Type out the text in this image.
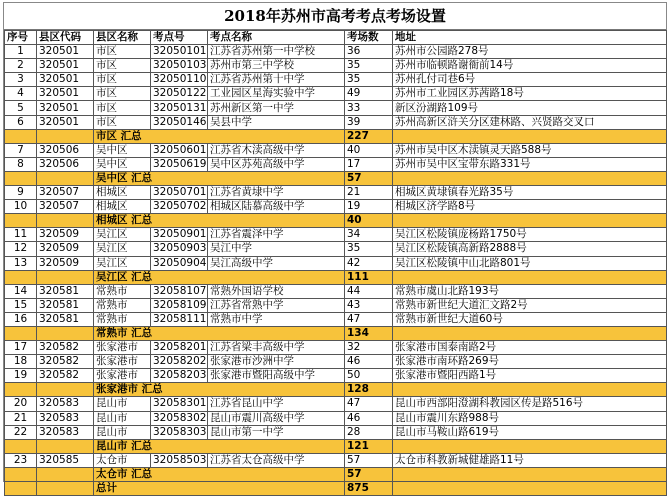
2018年苏州市高考考点考场设置
序号	县区代码	县区名称	考点号	考点名称	考场数	地址
1	320501	市区	32050101	江苏省苏州第一中学校	36	苏州市公园路278号
2	320501	市区	32050103	苏州市第三中学校	35	苏州市临顿路谢衙前14号
3	320501	市区	32050110	江苏省苏州第十中学	35	苏州孔付司巷6号
4	320501	市区	32050122	工业园区星海实验中学	49	苏州市工业园区苏茜路18号
5	320501	市区	32050131	苏州新区第一中学	33	新区汾湖路109号
6	320501	市区	32050146	吴县中学	39	苏州高新区浒关分区建林路、兴贤路交叉口
		市区 汇总			227	
7	320506	吴中区	32050601	江苏省木渎高级中学	40	苏州市吴中区木渎镇灵天路588号
8	320506	吴中区	32050619	吴中区苏苑高级中学	17	苏州市吴中区宝带东路331号
		吴中区 汇总			57	
9	320507	相城区	32050701	江苏省黄埭中学	21	相城区黄埭镇春光路35号
10	320507	相城区	32050702	相城区陆慕高级中学	19	相城区济学路8号
		相城区 汇总			40	
11	320509	吴江区	32050901	江苏省震泽中学	34	吴江区松陵镇庞杨路1750号
12	320509	吴江区	32050903	吴江中学	35	吴江区松陵镇高新路2888号
13	320509	吴江区	32050904	吴江高级中学	42	吴江区松陵镇中山北路801号
		吴江区 汇总			111	
14	320581	常熟市	32058107	常熟外国语学校	44	常熟市虞山北路193号
15	320581	常熟市	32058109	江苏省常熟中学	43	常熟市新世纪大道汇文路2号
16	320581	常熟市	32058111	常熟市中学	47	常熟市新世纪大道60号
		常熟市 汇总			134	
17	320582	张家港市	32058201	江苏省梁丰高级中学	32	张家港市国泰南路2号
18	320582	张家港市	32058202	张家港市沙洲中学	46	张家港市南环路269号
19	320582	张家港市	32058203	张家港市暨阳高级中学	50	张家港市暨阳西路1号
		张家港市 汇总			128	
20	320583	昆山市	32058301	江苏省昆山中学	47	昆山市西部阳澄湖科教园区传是路516号
21	320583	昆山市	32058302	昆山市震川高级中学	46	昆山市震川东路988号
22	320583	昆山市	32058303	昆山市第一中学	28	昆山市马鞍山路619号
		昆山市 汇总			121	
23	320585	太仓市	32058503	江苏省太仓高级中学	57	太仓市科教新城健雄路11号
		太仓市 汇总			57	
		总计			875	
